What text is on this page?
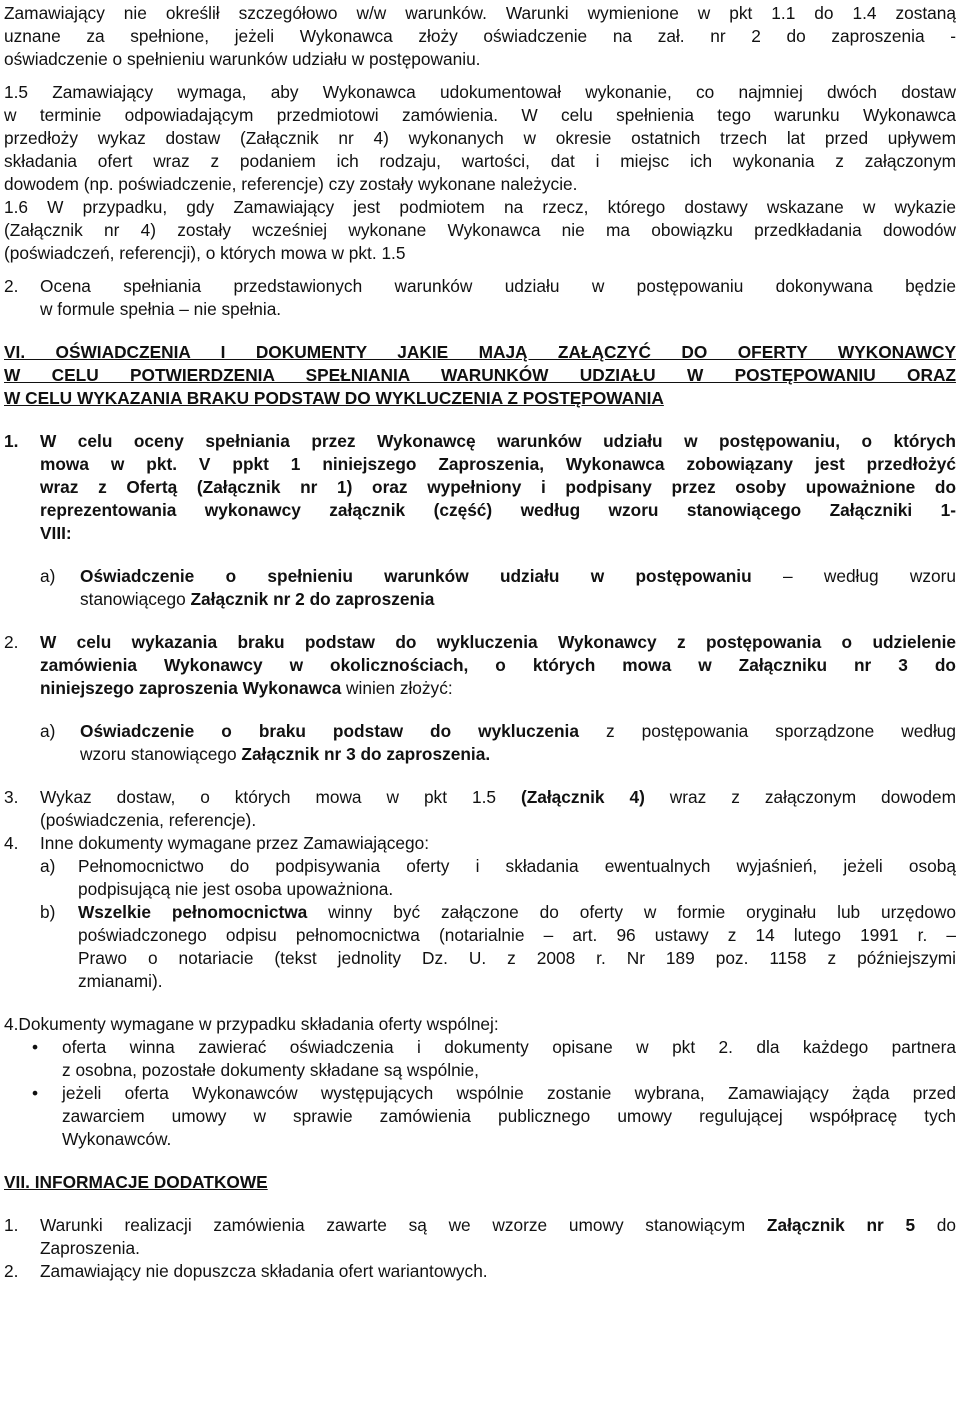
Zamawiający nie określił szczegółowo w/w warunków. Warunki wymienione w pkt 1.1 do 1.4 zostaną
uznane za spełnione, jeżeli Wykonawca złoży oświadczenie na zał. nr 2 do zaproszenia -
oświadczenie o spełnieniu warunków udziału w postępowaniu.
1.5 Zamawiający wymaga, aby Wykonawca udokumentował wykonanie, co najmniej dwóch dostaw
w terminie odpowiadającym przedmiotowi zamówienia. W celu spełnienia tego warunku Wykonawca
przedłoży wykaz dostaw (Załącznik nr 4) wykonanych w okresie ostatnich trzech lat przed upływem
składania ofert wraz z podaniem ich rodzaju, wartości, dat i miejsc ich wykonania z załączonym
dowodem (np. poświadczenie, referencje) czy zostały wykonane należycie.
1.6 W przypadku, gdy Zamawiający jest podmiotem na rzecz, którego dostawy wskazane w wykazie
(Załącznik nr 4) zostały wcześniej wykonane Wykonawca nie ma obowiązku przedkładania dowodów
(poświadczeń, referencji), o których mowa w pkt. 1.5
2.	Ocena spełniania przedstawionych warunków udziału w postępowaniu dokonywana będzie
w formule spełnia – nie spełnia.
VI. OŚWIADCZENIA I DOKUMENTY JAKIE MAJĄ ZAŁĄCZYĆ DO OFERTY WYKONAWCY
W CELU POTWIERDZENIA SPEŁNIANIA WARUNKÓW UDZIAŁU W POSTĘPOWANIU ORAZ
W CELU WYKAZANIA BRAKU PODSTAW DO WYKLUCZENIA Z POSTĘPOWANIA
1.	W celu oceny spełniania przez Wykonawcę warunków udziału w postępowaniu, o których
mowa w pkt. V ppkt 1 niniejszego Zaproszenia, Wykonawca zobowiązany jest przedłożyć
wraz z Ofertą (Załącznik nr 1) oraz wypełniony i podpisany przez osoby upoważnione do
reprezentowania wykonawcy załącznik (część) według wzoru stanowiącego Załączniki 1-
VIII:
a)	Oświadczenie o spełnieniu warunków udziału w postępowaniu – według wzoru
stanowiącego Załącznik nr 2 do zaproszenia
2.	W celu wykazania braku podstaw do wykluczenia Wykonawcy z postępowania o udzielenie
zamówienia Wykonawcy w okolicznościach, o których mowa w Załączniku nr 3 do
niniejszego zaproszenia Wykonawca winien złożyć:
a)	Oświadczenie o braku podstaw do wykluczenia z postępowania sporządzone według
wzoru stanowiącego Załącznik nr 3 do zaproszenia.
3.	Wykaz dostaw, o których mowa w pkt 1.5 (Załącznik 4) wraz z załączonym dowodem
(poświadczenia, referencje).
4.	Inne dokumenty wymagane przez Zamawiającego:
a)	Pełnomocnictwo do podpisywania oferty i składania ewentualnych wyjaśnień, jeżeli osobą
podpisującą nie jest osoba upoważniona.
b)	Wszelkie pełnomocnictwa winny być załączone do oferty w formie oryginału lub urzędowo
poświadczonego odpisu pełnomocnictwa (notarialnie – art. 96 ustawy z 14 lutego 1991 r. –
Prawo o notariacie (tekst jednolity Dz. U. z 2008 r. Nr 189 poz. 1158 z późniejszymi
zmianami).
4.Dokumenty wymagane w przypadku składania oferty wspólnej:
•	oferta winna zawierać oświadczenia i dokumenty opisane w pkt 2. dla każdego partnera
z osobna, pozostałe dokumenty składane są wspólnie,
•	jeżeli oferta Wykonawców występujących wspólnie zostanie wybrana, Zamawiający żąda przed
zawarciem umowy w sprawie zamówienia publicznego umowy regulującej współpracę tych
Wykonawców.
VII. INFORMACJE DODATKOWE
1.	Warunki realizacji zamówienia zawarte są we wzorze umowy stanowiącym Załącznik nr 5 do
Zaproszenia.
2.	Zamawiający nie dopuszcza składania ofert wariantowych.
